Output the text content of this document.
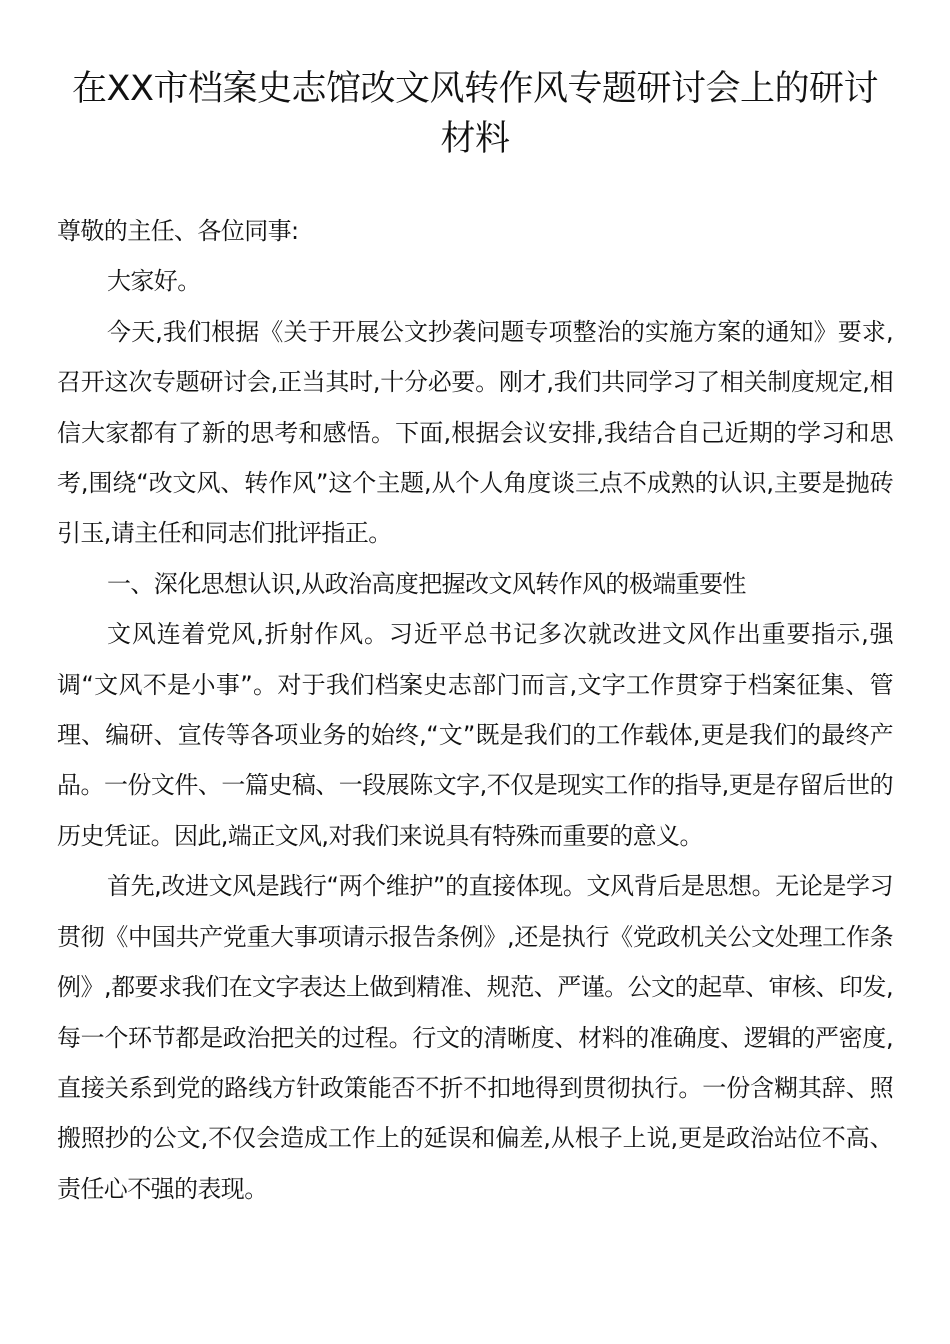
在XX市档案史志馆改文风转作风专题研讨会上的研讨材料

尊敬的主任、各位同事:

大家好。

今天,我们根据《关于开展公文抄袭问题专项整治的实施方案的通知》要求,召开这次专题研讨会,正当其时,十分必要。刚才,我们共同学习了相关制度规定,相信大家都有了新的思考和感悟。下面,根据会议安排,我结合自己近期的学习和思考,围绕“改文风、转作风”这个主题,从个人角度谈三点不成熟的认识,主要是抛砖引玉,请主任和同志们批评指正。

一、深化思想认识,从政治高度把握改文风转作风的极端重要性

文风连着党风,折射作风。习近平总书记多次就改进文风作出重要指示,强调“文风不是小事”。对于我们档案史志部门而言,文字工作贯穿于档案征集、管理、编研、宣传等各项业务的始终,“文”既是我们的工作载体,更是我们的最终产品。一份文件、一篇史稿、一段展陈文字,不仅是现实工作的指导,更是存留后世的历史凭证。因此,端正文风,对我们来说具有特殊而重要的意义。

首先,改进文风是践行“两个维护”的直接体现。文风背后是思想。无论是学习贯彻《中国共产党重大事项请示报告条例》,还是执行《党政机关公文处理工作条例》,都要求我们在文字表达上做到精准、规范、严谨。公文的起草、审核、印发,每一个环节都是政治把关的过程。行文的清晰度、材料的准确度、逻辑的严密度,直接关系到党的路线方针政策能否不折不扣地得到贯彻执行。一份含糊其辞、照搬照抄的公文,不仅会造成工作上的延误和偏差,从根子上说,更是政治站位不高、责任心不强的表现。
